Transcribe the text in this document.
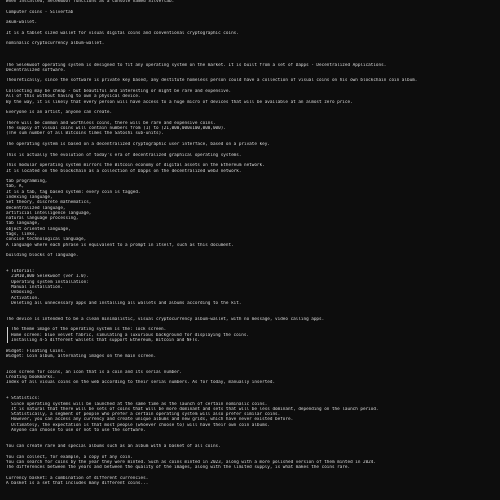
When installed, Selekwoof functions as a console named Silvertab.
Computer coins - Silvertab
akum-wallet.
It is a tablet sized wallet for visual digital coins and conventional cryptographic coins.
nominalic cryptocurrency album-wallet.
The Selekwoof operating system is designed to fit any operating system on the market. It is built from a set of Dapps - Decentralized Applications.
Decentralized software.
Theoretically, since the software is private key based, any destitute homeless person could have a collection of visual coins on his own blockchain coin album.
Collecting may be cheap - but beautiful and interesting or might be rare and expensive.
All of this without having to own a physical device.
By the way, it is likely that every person will have access to a huge micro of devices that will be available at an almost zero price.
Everyone is an artist, anyone can create.
There will be common and worthless coins, there will be rare and expensive coins.
The supply of visual coins will contain numbers from (1) to (21,000,000x100,000,000).
(The sum number of all Bitcoins times the Satoshi sub-units).
The operating system is based on a decentralized cryptographic user interface, based on a private key.
This is actually the evolution of today's era of decentralized graphical operating systems.
This modular operating system mirrors the Bitcoin economy of digital assets on the Ethereum network.
It is located on the blockchain as a collection of Dapps on the decentralized web3 network.
tab programming,
tab, A,
It is a tab, tag based system: every coin is tagged.
indexing language,
Set theory, discrete mathematics,
decentralized language,
artificial intelligence language,
natural language processing,
tab language,
object oriented language,
tags, links,
concise technological language,
A language where each phrase is equivalent to a prompt in itself, such as this document.
building blocks of language.
+ Tutorial:
21M10,000 Selekwoof (ver 1.0).
Operating system installation:
Manual installation.
Onboxing.
Activation.
Deleting all unnecessary apps and installing all wallets and albums according to the kit.
The device is intended to be a clean minimalistic, visual cryptocurrency album-wallet, with no message, video calling apps.
The theme image of the operating system is the: lock screen.
Home screen: blue velvet fabric, simulating a luxurious background for displaying the coins.
Installing 4-5 different wallets that support Ethereum, Bitcoin and NFTs.
Widget: Floating Coins.
Widget: Coin album, alternating images on the main screen.
Icon screen for coins, an icon that is a coin and its serial number.
Creating bookmarks.
Index of all visual coins on the web according to their serial numbers. As for today, manually inserted.
+ Statistics:
Since operating systems will be launched at the same time as the launch of certain nominalic coins.
It is natural that there will be sets of coins that will be more dominant and sets that will be less dominant, depending on the launch period.
Statistically, a segment of people who prefer a certain operating system will also prefer similar coins.
However, you can access any currency and create unique albums and new grids, which have never existed before.
Ultimately, the expectation is that most people (whoever choose to) will have their own coin albums.
Anyone can choose to use or not to use the software.
You can create rare and special albums such as an album with a basket of all coins.
You can collect, for example, a copy of any coin.
You can search for coins by the year they were minted. Such as coins minted in 2023, along with a more polished version of them minted in 2024.
The differences between the years and between the quality of the images, along with the limited supply, is what makes the coins rare.
Currency basket: a combination of different currencies.
A basket is a set that includes many different coins...
